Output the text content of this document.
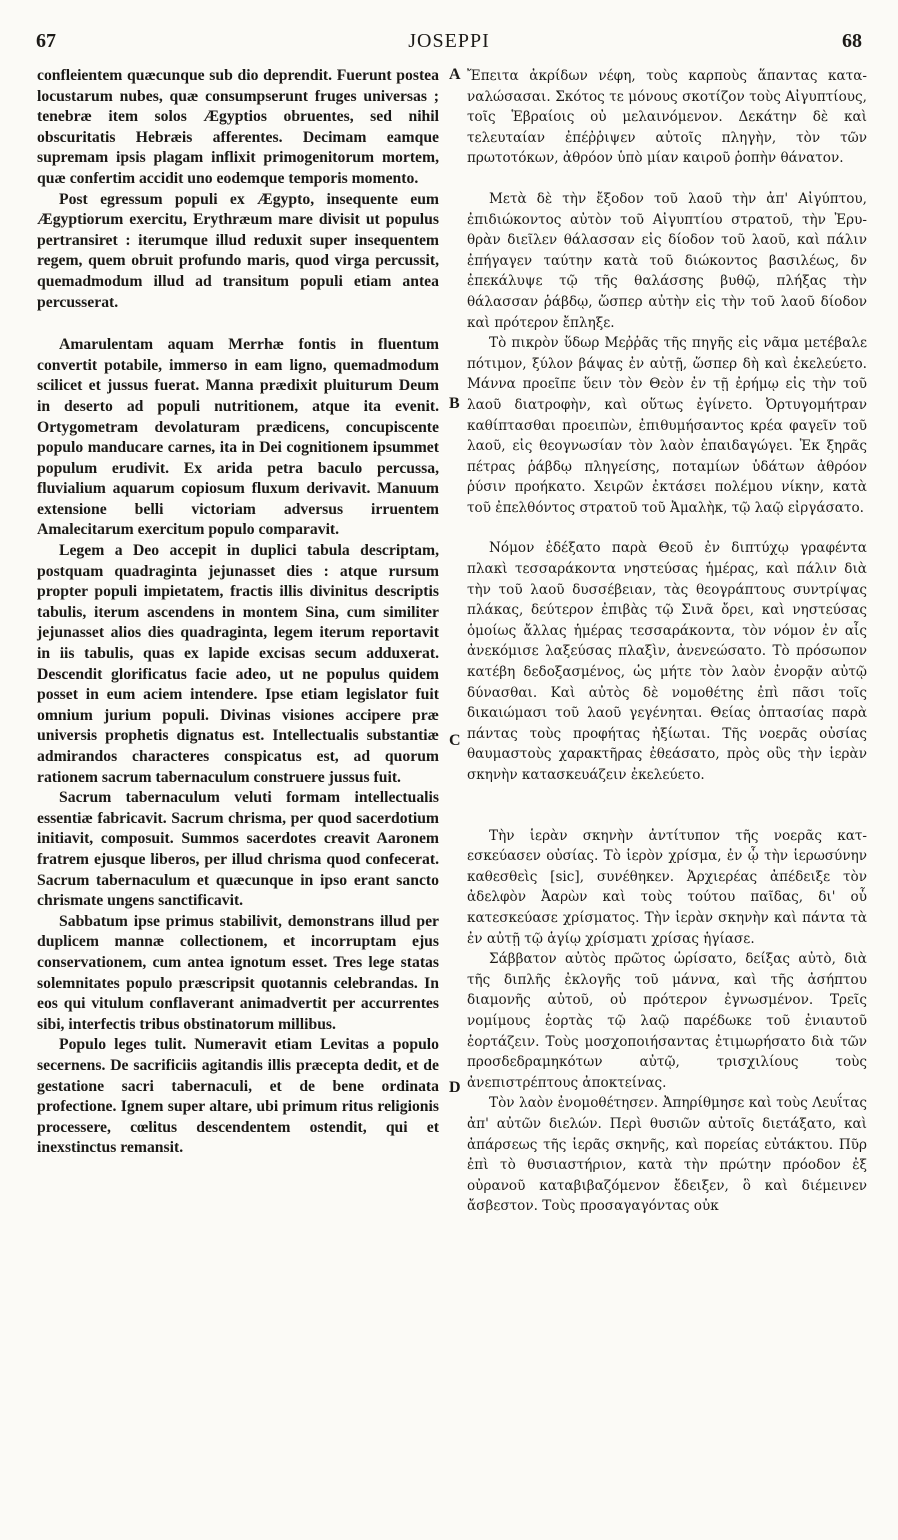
67	JOSEPPI	68
A
B
C
D

confleientem quæcunque sub dio deprendit. Fuerunt postea locustarum nubes, quæ consumpserunt fruges universas ; tenebræ item solos Ægyptios obruentes, sed nihil obscuritatis Hebræis afferentes. Decimam eamque supremam ipsis plagam inflixit primogenitorum mortem, quæ confertim accidit uno eodemque temporis momento.

Post egressum populi ex Ægypto, insequente eum Ægyptiorum exercitu, Erythræum mare divisit ut populus pertransiret : iterumque illud reduxit super insequentem regem, quem obruit profundo maris, quod virga percussit, quemadmodum illud ad transitum populi etiam antea percusserat.

Amarulentam aquam Merrhæ fontis in fluentum convertit potabile, immerso in eam ligno, quemadmodum scilicet et jussus fuerat. Manna prædixit pluiturum Deum in deserto ad populi nutritionem, atque ita evenit. Ortygometram devolaturam prædicens, concupiscente populo manducare carnes, ita in Dei cognitionem ipsummet populum erudivit. Ex arida petra baculo percussa, fluvialium aquarum copiosum fluxum derivavit. Manuum extensione belli victoriam adversus irruentem Amalecitarum exercitum populo comparavit.

Legem a Deo accepit in duplici tabula descriptam, postquam quadraginta jejunasset dies : atque rursum propter populi impietatem, fractis illis divinitus descriptis tabulis, iterum ascendens in montem Sina, cum similiter jejunasset alios dies quadraginta, legem iterum reportavit in iis tabulis, quas ex lapide excisas secum adduxerat. Descendit glorificatus facie adeo, ut ne populus quidem posset in eum aciem intendere. Ipse etiam legislator fuit omnium jurium populi. Divinas visiones accipere præ universis prophetis dignatus est. Intellectualis substantiæ admirandos characteres conspicatus est, ad quorum rationem sacrum tabernaculum construere jussus fuit.

Sacrum tabernaculum veluti formam intellectualis essentiæ fabricavit. Sacrum chrisma, per quod sacerdotium initiavit, composuit. Summos sacerdotes creavit Aaronem fratrem ejusque liberos, per illud chrisma quod confecerat. Sacrum tabernaculum et quæcunque in ipso erant sancto chrismate ungens sanctificavit.

Sabbatum ipse primus stabilivit, demonstrans illud per duplicem mannæ collectionem, et incorruptam ejus conservationem, cum antea ignotum esset. Tres lege statas solemnitates populo præscripsit quotannis celebrandas. In eos qui vitulum conflaverant animadvertit per accurrentes sibi, interfectis tribus obstinatorum millibus.

Populo leges tulit. Numeravit etiam Levitas a populo secernens. De sacrificiis agitandis illis præcepta dedit, et de gestatione sacri tabernaculi, et de bene ordinata profectione. Ignem super altare, ubi primum ritus religionis processere, cœlitus descendentem ostendit, qui et inexstinctus remansit.

Ἔπειτα ἀκρίδων νέφη, τοὺς καρποὺς ἅπαντας καταναλώσασαι. Σκότος τε μόνους σκοτίζον τοὺς Αἰγυπτίους, τοῖς Ἑβραίοις οὐ μελαινόμενον. Δεκάτην δὲ καὶ τελευταίαν ἐπέῤῥιψεν αὐτοῖς πληγὴν, τὸν τῶν πρωτοτόκων, ἀθρόον ὑπὸ μίαν καιροῦ ῥοπὴν θάνατον.

Μετὰ δὲ τὴν ἔξοδον τοῦ λαοῦ τὴν ἀπ' Αἰγύπτου, ἐπιδιώκοντος αὐτὸν τοῦ Αἰγυπτίου στρατοῦ, τὴν Ἐρυθρὰν διεῖλεν θάλασσαν εἰς δίοδον τοῦ λαοῦ, καὶ πάλιν ἐπήγαγεν ταύτην κατὰ τοῦ διώκοντος βασιλέως, δν ἐπεκάλυψε τῷ τῆς θαλάσσης βυθῷ, πλήξας τὴν θάλασσαν ῥάβδῳ, ὥσπερ αὐτὴν εἰς τὴν τοῦ λαοῦ δίοδον καὶ πρότερον ἔπληξε.

Τὸ πικρὸν ὕδωρ Μεῤῥᾶς τῆς πηγῆς εἰς νᾶμα μετέβαλε πότιμον, ξύλον βάψας ἐν αὐτῇ, ὥσπερ δὴ καὶ ἐκελεύετο. Μάννα προεῖπε ὕειν τὸν Θεὸν ἐν τῇ ἐρήμῳ εἰς τὴν τοῦ λαοῦ διατροφὴν, καὶ οὕτως ἐγίνετο. Ὀρτυγομήτραν καθίπτασθαι προειπὼν, ἐπιθυμήσαντος κρέα φαγεῖν τοῦ λαοῦ, εἰς θεογνωσίαν τὸν λαὸν ἐπαιδαγώγει. Ἐκ ξηρᾶς πέτρας ῥάβδῳ πληγείσης, ποταμίων ὑδάτων ἀθρόον ῥύσιν προήκατο. Χειρῶν ἐκτάσει πολέμου νίκην, κατὰ τοῦ ἐπελθόντος στρατοῦ τοῦ Ἀμαλὴκ, τῷ λαῷ εἰργάσατο.

Νόμον ἐδέξατο παρὰ Θεοῦ ἐν διπτύχῳ γραφέντα πλακὶ τεσσαράκοντα νηστεύσας ἡμέρας, καὶ πάλιν διὰ τὴν τοῦ λαοῦ δυσσέβειαν, τὰς θεογράπτους συντρίψας πλάκας, δεύτερον ἐπιβὰς τῷ Σινᾶ ὄρει, καὶ νηστεύσας ὁμοίως ἄλλας ἡμέρας τεσσαράκοντα, τὸν νόμον ἐν αἷς ἀνεκόμισε λαξεύσας πλαξὶν, ἀνενεώσατο. Τὸ πρόσωπον κατέβη δεδοξασμένος, ὡς μήτε τὸν λαὸν ἐνορᾷν αὐτῷ δύνασθαι. Καὶ αὐτὸς δὲ νομοθέτης ἐπὶ πᾶσι τοῖς δικαιώμασι τοῦ λαοῦ γεγένηται. Θείας ὀπτασίας παρὰ πάντας τοὺς προφήτας ἠξίωται. Τῆς νοερᾶς οὐσίας θαυμαστοὺς χαρακτῆρας ἐθεάσατο, πρὸς οὓς τὴν ἱερὰν σκηνὴν κατασκευάζειν ἐκελεύετο.

Τὴν ἱερὰν σκηνὴν ἀντίτυπον τῆς νοερᾶς κατεσκεύασεν οὐσίας. Τὸ ἱερὸν χρίσμα, ἐν ᾧ τὴν ἱερωσύνην καθεσθεὶς [sic], συνέθηκεν. Ἀρχιερέας ἀπέδειξε τὸν ἀδελφὸν Ἀαρὼν καὶ τοὺς τούτου παῖδας, δι' οὗ κατεσκεύασε χρίσματος. Τὴν ἱερὰν σκηνὴν καὶ πάντα τὰ ἐν αὐτῇ τῷ ἁγίῳ χρίσματι χρίσας ἡγίασε.

Σάββατον αὐτὸς πρῶτος ὡρίσατο, δείξας αὐτὸ, διὰ τῆς διπλῆς ἐκλογῆς τοῦ μάννα, καὶ τῆς ἀσήπτου διαμονῆς αὐτοῦ, οὐ πρότερον ἐγνωσμένον. Τρεῖς νομίμους ἑορτὰς τῷ λαῷ παρέδωκε τοῦ ἐνιαυτοῦ ἑορτάζειν. Τοὺς μοσχοποιήσαντας ἐτιμωρήσατο διὰ τῶν προσδεδραμηκότων αὐτῷ, τρισχιλίους τοὺς ἀνεπιστρέπτους ἀποκτείνας.

Τὸν λαὸν ἐνομοθέτησεν. Ἀπηρίθμησε καὶ τοὺς Λευΐτας ἀπ' αὐτῶν διελών. Περὶ θυσιῶν αὐτοῖς διετάξατο, καὶ ἀπάρσεως τῆς ἱερᾶς σκηνῆς, καὶ πορείας εὐτάκτου. Πῦρ ἐπὶ τὸ θυσιαστήριον, κατὰ τὴν πρώτην πρόοδον ἐξ οὐρανοῦ καταβιβαζόμενον ἔδειξεν, ὃ καὶ διέμεινεν ἄσβεστον. Τοὺς προσαγαγόντας οὐκ
